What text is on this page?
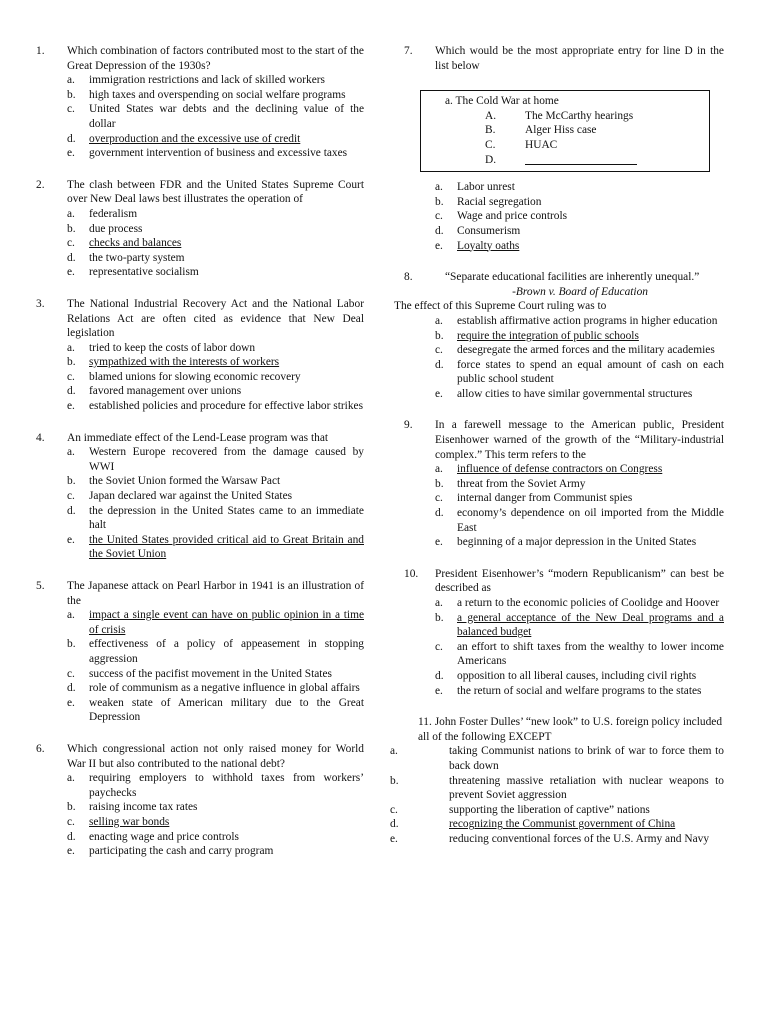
1.	Which combination of factors contributed most to the start of the Great Depression of the 1930s?
a. immigration restrictions and lack of skilled workers
b. high taxes and overspending on social welfare programs
c. United States war debts and the declining value of the dollar
d. overproduction and the excessive use of credit
e. government intervention of business and excessive taxes
2.	The clash between FDR and the United States Supreme Court over New Deal laws best illustrates the operation of
a. federalism
b. due process
c. checks and balances
d. the two-party system
e. representative socialism
3.	The National Industrial Recovery Act and the National Labor Relations Act are often cited as evidence that New Deal legislation
a. tried to keep the costs of labor down
b. sympathized with the interests of workers
c. blamed unions for slowing economic recovery
d. favored management over unions
e. established policies and procedure for effective labor strikes
4.	An immediate effect of the Lend-Lease program was that
a. Western Europe recovered from the damage caused by WWI
b. the Soviet Union formed the Warsaw Pact
c. Japan declared war against the United States
d. the depression in the United States came to an immediate halt
e. the United States provided critical aid to Great Britain and the Soviet Union
5.	The Japanese attack on Pearl Harbor in 1941 is an illustration of the
a. impact a single event can have on public opinion in a time of crisis
b. effectiveness of a policy of appeasement in stopping aggression
c. success of the pacifist movement in the United States
d. role of communism as a negative influence in global affairs
e. weaken state of American military due to the Great Depression
6.	Which congressional action not only raised money for World War II but also contributed to the national debt?
a. requiring employers to withhold taxes from workers’ paychecks
b. raising income tax rates
c. selling war bonds
d. enacting wage and price controls
e. participating the cash and carry program
7.	Which would be the most appropriate entry for line D in the list below
a. The Cold War at home
A.	The McCarthy hearings
B.	Alger Hiss case
C.	HUAC
D.
a. Labor unrest
b. Racial segregation
c. Wage and price controls
d. Consumerism
e. Loyalty oaths
8.	“Separate educational facilities are inherently unequal.”
-Brown v. Board of Education
The effect of this Supreme Court ruling was to
a. establish affirmative action programs in higher education
b. require the integration of public schools
c. desegregate the armed forces and the military academies
d. force states to spend an equal amount of cash on each public school student
e. allow cities to have similar governmental structures
9.	In a farewell message to the American public, President Eisenhower warned of the growth of the “Military-industrial complex.” This term refers to the
a. influence of defense contractors on Congress
b. threat from the Soviet Army
c. internal danger from Communist spies
d. economy’s dependence on oil imported from the Middle East
e. beginning of a major depression in the United States
10.	President Eisenhower’s “modern Republicanism” can best be described as
a. a return to the economic policies of Coolidge and Hoover
b. a general acceptance of the New Deal programs and a balanced budget
c. an effort to shift taxes from the wealthy to lower income Americans
d. opposition to all liberal causes, including civil rights
e. the return of social and welfare programs to the states
11. John Foster Dulles’ “new look” to U.S. foreign policy included all of the following EXCEPT
a.	taking Communist nations to brink of war to force them to back down
b.	threatening massive retaliation with nuclear weapons to prevent Soviet aggression
c.	supporting the liberation of captive” nations
d.	recognizing the Communist government of China
e.	reducing conventional forces of the U.S. Army and Navy
